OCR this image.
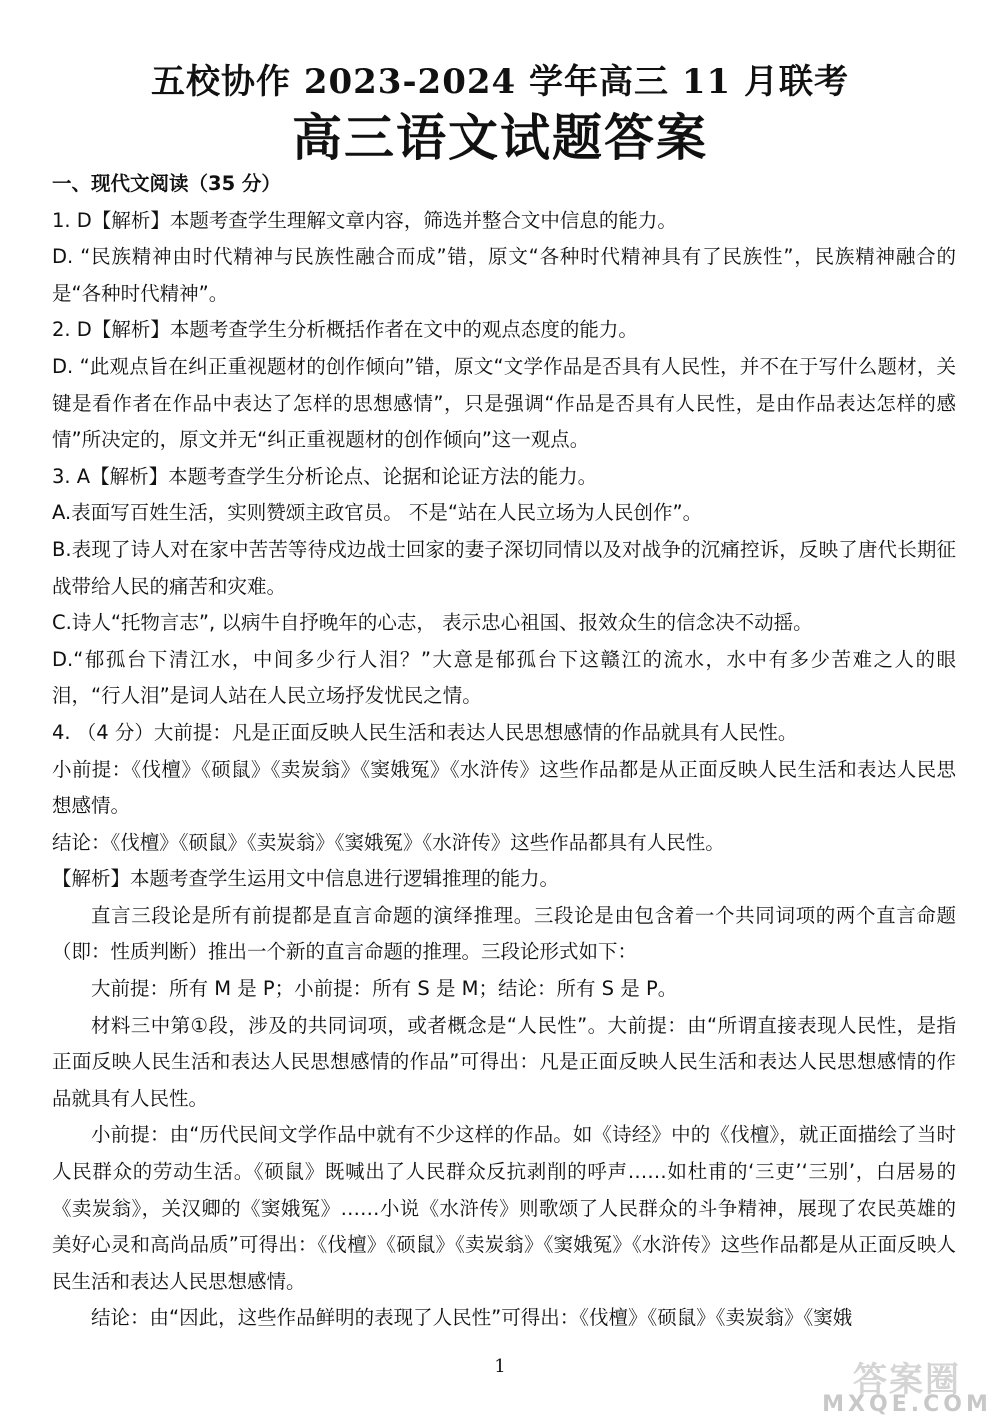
五校协作 2023-2024 学年高三 11 月联考
高三语文试题答案

一、现代文阅读（35 分）

1. D【解析】本题考查学生理解文章内容，筛选并整合文中信息的能力。

D. “民族精神由时代精神与民族性融合而成”错，原文“各种时代精神具有了民族性”，民族精神融合的是“各种时代精神”。

2. D【解析】本题考查学生分析概括作者在文中的观点态度的能力。

D. “此观点旨在纠正重视题材的创作倾向”错，原文“文学作品是否具有人民性，并不在于写什么题材，关键是看作者在作品中表达了怎样的思想感情”，只是强调“作品是否具有人民性，是由作品表达怎样的感情”所决定的，原文并无“纠正重视题材的创作倾向”这一观点。

3. A【解析】本题考查学生分析论点、论据和论证方法的能力。

A.表面写百姓生活，实则赞颂主政官员。 不是“站在人民立场为人民创作”。

B.表现了诗人对在家中苦苦等待戍边战士回家的妻子深切同情以及对战争的沉痛控诉，反映了唐代长期征战带给人民的痛苦和灾难。

C.诗人“托物言志”, 以病牛自抒晚年的心志， 表示忠心祖国、报效众生的信念决不动摇。

D.“郁孤台下清江水，中间多少行人泪？”大意是郁孤台下这赣江的流水，水中有多少苦难之人的眼泪，“行人泪”是词人站在人民立场抒发忧民之情。

4. （4 分）大前提：凡是正面反映人民生活和表达人民思想感情的作品就具有人民性。

小前提：《伐檀》《硕鼠》《卖炭翁》《窦娥冤》《水浒传》这些作品都是从正面反映人民生活和表达人民思想感情。

结论：《伐檀》《硕鼠》《卖炭翁》《窦娥冤》《水浒传》这些作品都具有人民性。

【解析】本题考查学生运用文中信息进行逻辑推理的能力。

直言三段论是所有前提都是直言命题的演绎推理。三段论是由包含着一个共同词项的两个直言命题（即：性质判断）推出一个新的直言命题的推理。三段论形式如下：

大前提：所有 M 是 P；小前提：所有 S 是 M；结论：所有 S 是 P。

材料三中第①段，涉及的共同词项，或者概念是“人民性”。大前提：由“所谓直接表现人民性，是指正面反映人民生活和表达人民思想感情的作品”可得出：凡是正面反映人民生活和表达人民思想感情的作品就具有人民性。

小前提：由“历代民间文学作品中就有不少这样的作品。如《诗经》中的《伐檀》，就正面描绘了当时人民群众的劳动生活。《硕鼠》既喊出了人民群众反抗剥削的呼声……如杜甫的‘三吏’‘三别’，白居易的《卖炭翁》，关汉卿的《窦娥冤》……小说《水浒传》则歌颂了人民群众的斗争精神，展现了农民英雄的美好心灵和高尚品质”可得出：《伐檀》《硕鼠》《卖炭翁》《窦娥冤》《水浒传》这些作品都是从正面反映人民生活和表达人民思想感情。

结论：由“因此，这些作品鲜明的表现了人民性”可得出：《伐檀》《硕鼠》《卖炭翁》《窦娥

1	答案圈
MXQE.COM
